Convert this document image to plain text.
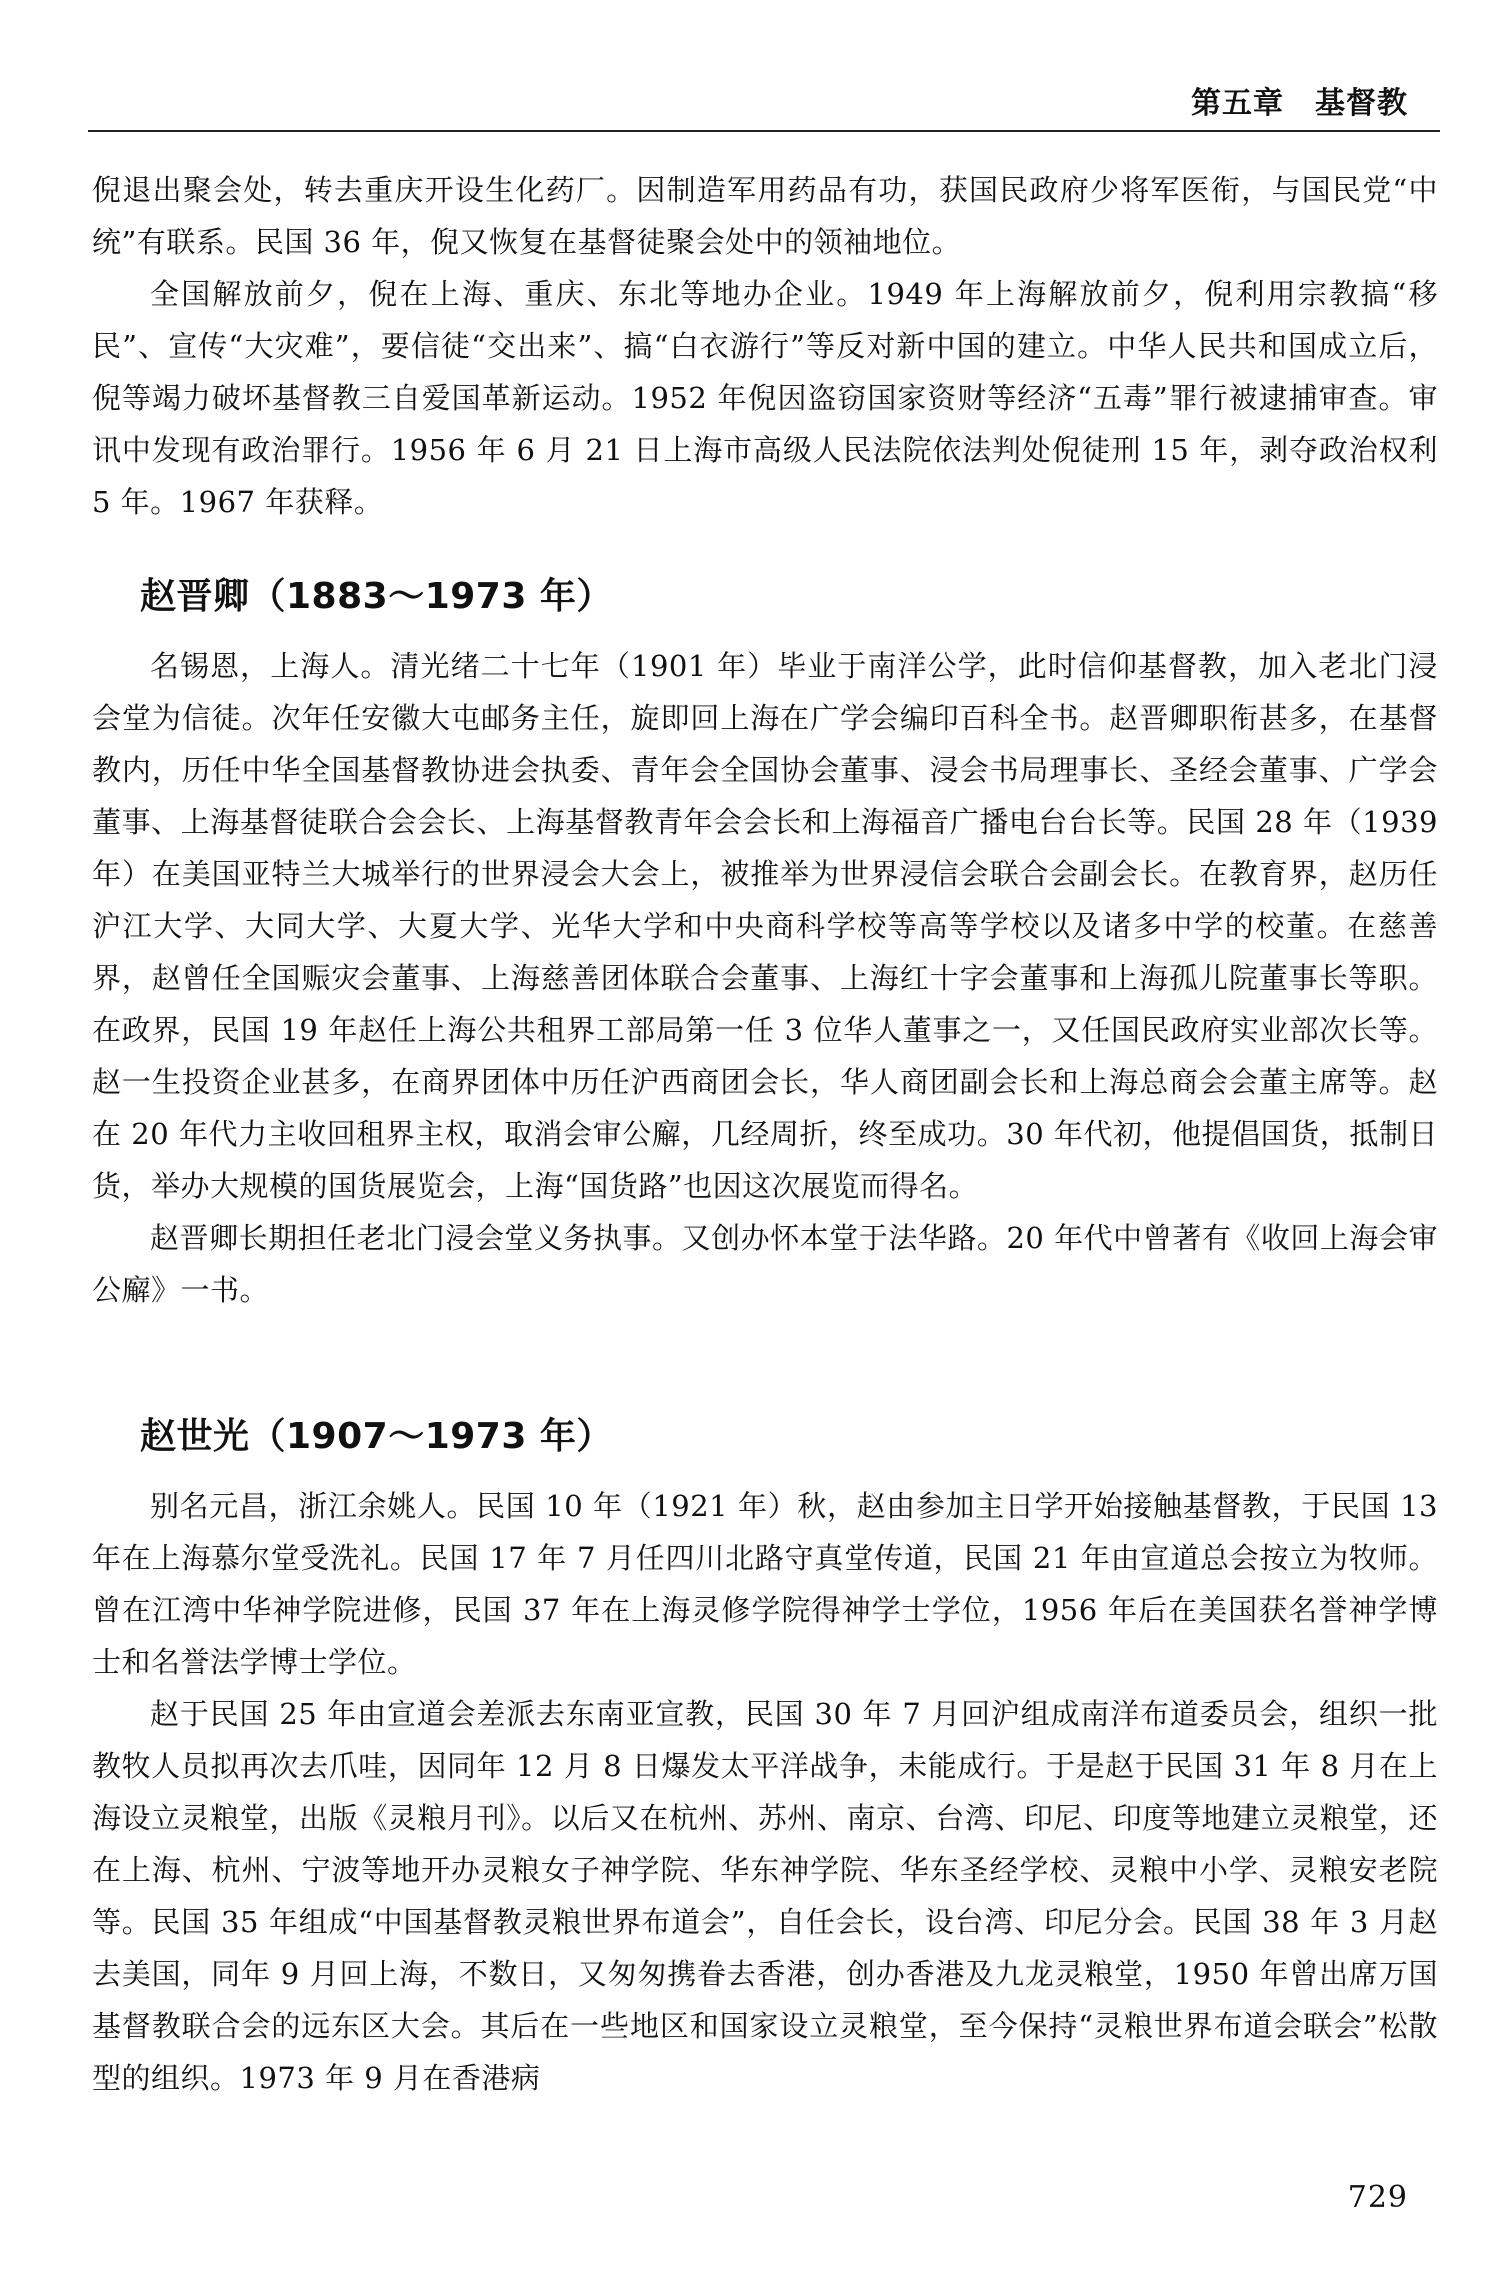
第五章　基督教

倪退出聚会处，转去重庆开设生化药厂。因制造军用药品有功，获国民政府少将军医衔，与国民党“中统”有联系。民国 36 年，倪又恢复在基督徒聚会处中的领袖地位。

全国解放前夕，倪在上海、重庆、东北等地办企业。1949 年上海解放前夕，倪利用宗教搞“移民”、宣传“大灾难”，要信徒“交出来”、搞“白衣游行”等反对新中国的建立。中华人民共和国成立后，倪等竭力破坏基督教三自爱国革新运动。1952 年倪因盗窃国家资财等经济“五毒”罪行被逮捕审查。审讯中发现有政治罪行。1956 年 6 月 21 日上海市高级人民法院依法判处倪徒刑 15 年，剥夺政治权利 5 年。1967 年获释。

赵晋卿（1883～1973 年）

名锡恩，上海人。清光绪二十七年（1901 年）毕业于南洋公学，此时信仰基督教，加入老北门浸会堂为信徒。次年任安徽大屯邮务主任，旋即回上海在广学会编印百科全书。赵晋卿职衔甚多，在基督教内，历任中华全国基督教协进会执委、青年会全国协会董事、浸会书局理事长、圣经会董事、广学会董事、上海基督徒联合会会长、上海基督教青年会会长和上海福音广播电台台长等。民国 28 年（1939 年）在美国亚特兰大城举行的世界浸会大会上，被推举为世界浸信会联合会副会长。在教育界，赵历任沪江大学、大同大学、大夏大学、光华大学和中央商科学校等高等学校以及诸多中学的校董。在慈善界，赵曾任全国赈灾会董事、上海慈善团体联合会董事、上海红十字会董事和上海孤儿院董事长等职。在政界，民国 19 年赵任上海公共租界工部局第一任 3 位华人董事之一，又任国民政府实业部次长等。赵一生投资企业甚多，在商界团体中历任沪西商团会长，华人商团副会长和上海总商会会董主席等。赵在 20 年代力主收回租界主权，取消会审公廨，几经周折，终至成功。30 年代初，他提倡国货，抵制日货，举办大规模的国货展览会，上海“国货路”也因这次展览而得名。

赵晋卿长期担任老北门浸会堂义务执事。又创办怀本堂于法华路。20 年代中曾著有《收回上海会审公廨》一书。

赵世光（1907～1973 年）

别名元昌，浙江余姚人。民国 10 年（1921 年）秋，赵由参加主日学开始接触基督教，于民国 13 年在上海慕尔堂受洗礼。民国 17 年 7 月任四川北路守真堂传道，民国 21 年由宣道总会按立为牧师。曾在江湾中华神学院进修，民国 37 年在上海灵修学院得神学士学位，1956 年后在美国获名誉神学博士和名誉法学博士学位。

赵于民国 25 年由宣道会差派去东南亚宣教，民国 30 年 7 月回沪组成南洋布道委员会，组织一批教牧人员拟再次去爪哇，因同年 12 月 8 日爆发太平洋战争，未能成行。于是赵于民国 31 年 8 月在上海设立灵粮堂，出版《灵粮月刊》。以后又在杭州、苏州、南京、台湾、印尼、印度等地建立灵粮堂，还在上海、杭州、宁波等地开办灵粮女子神学院、华东神学院、华东圣经学校、灵粮中小学、灵粮安老院等。民国 35 年组成“中国基督教灵粮世界布道会”，自任会长，设台湾、印尼分会。民国 38 年 3 月赵去美国，同年 9 月回上海，不数日，又匆匆携眷去香港，创办香港及九龙灵粮堂，1950 年曾出席万国基督教联合会的远东区大会。其后在一些地区和国家设立灵粮堂，至今保持“灵粮世界布道会联会”松散型的组织。1973 年 9 月在香港病

729
